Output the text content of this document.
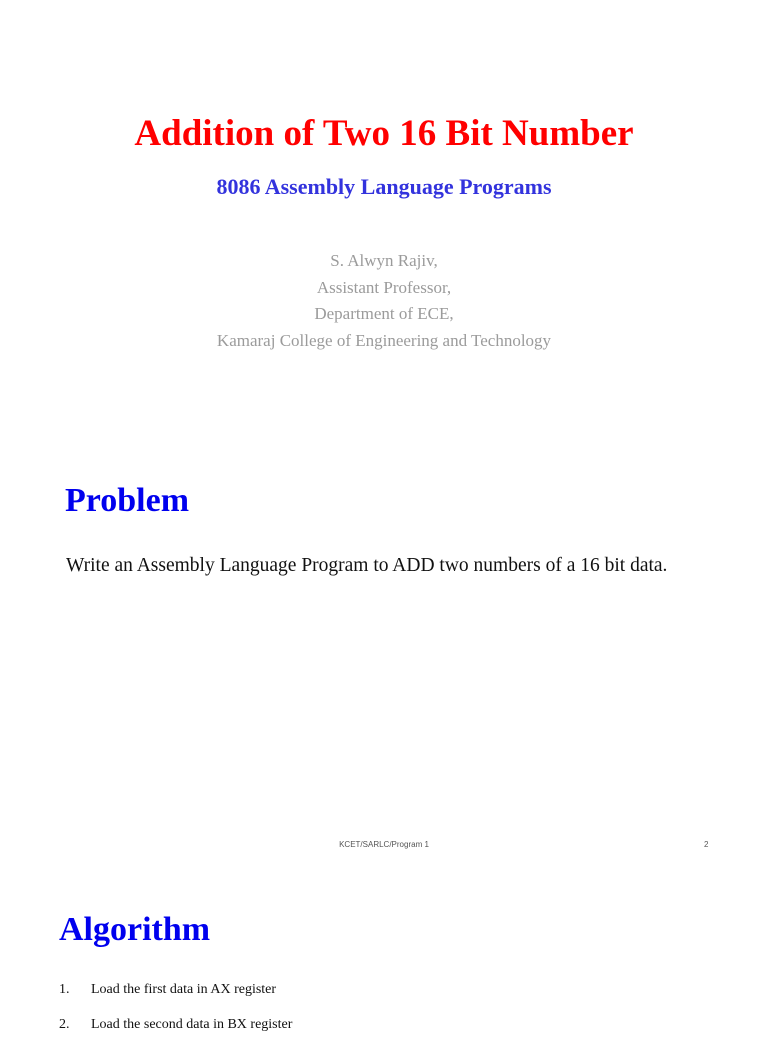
Addition of Two 16 Bit Number
8086 Assembly Language Programs
S. Alwyn Rajiv,
Assistant Professor,
Department of ECE,
Kamaraj College of Engineering and Technology
Problem
Write an Assembly Language Program to ADD two numbers of a 16 bit data.
KCET/SARLC/Program 1	2
Algorithm
1. Load the first data in AX register
2. Load the second data in BX register
